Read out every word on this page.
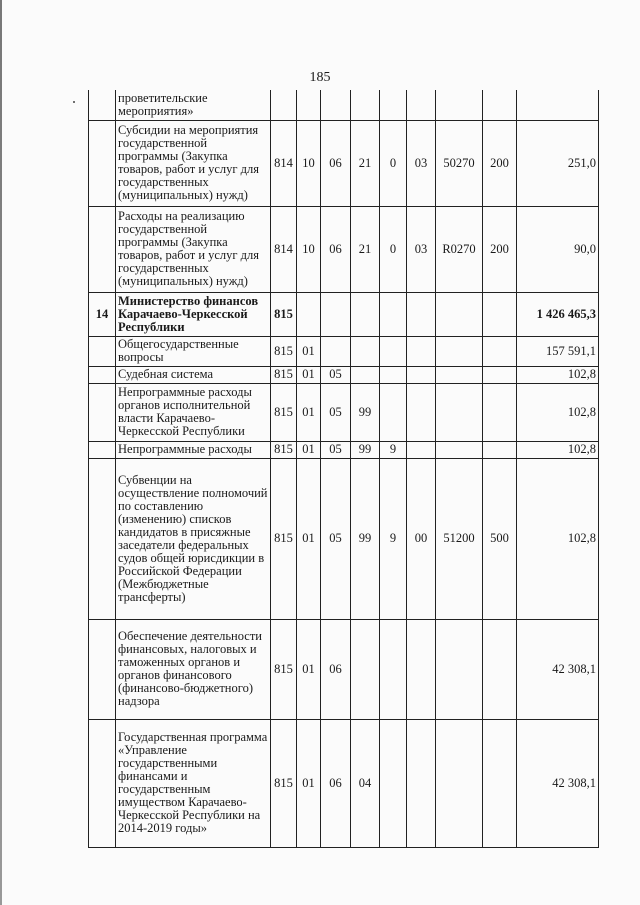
185
	проветительские мероприятия»									
	Субсидии на мероприятия государственной программы (Закупка товаров, работ и услуг для государственных (муниципальных) нужд)	814	10	06	21	0	03	50270	200	251,0
	Расходы на реализацию государственной программы (Закупка товаров, работ и услуг для государственных (муниципальных) нужд)	814	10	06	21	0	03	R0270	200	90,0
14	Министерство финансов Карачаево-Черкесской Республики	815								1 426 465,3
	Общегосударственные вопросы	815	01							157 591,1
	Судебная система	815	01	05						102,8
	Непрограммные расходы органов исполнительной власти Карачаево-Черкесской Республики	815	01	05	99					102,8
	Непрограммные расходы	815	01	05	99	9				102,8
	Субвенции на осуществление полномочий по составлению (изменению) списков кандидатов в присяжные заседатели федеральных судов общей юрисдикции в Российской Федерации (Межбюджетные трансферты)	815	01	05	99	9	00	51200	500	102,8
	Обеспечение деятельности финансовых, налоговых и таможенных органов и органов финансового (финансово-бюджетного) надзора	815	01	06						42 308,1
	Государственная программа «Управление государственными финансами и государственным имуществом Карачаево-Черкесской Республики на 2014-2019 годы»	815	01	06	04					42 308,1
